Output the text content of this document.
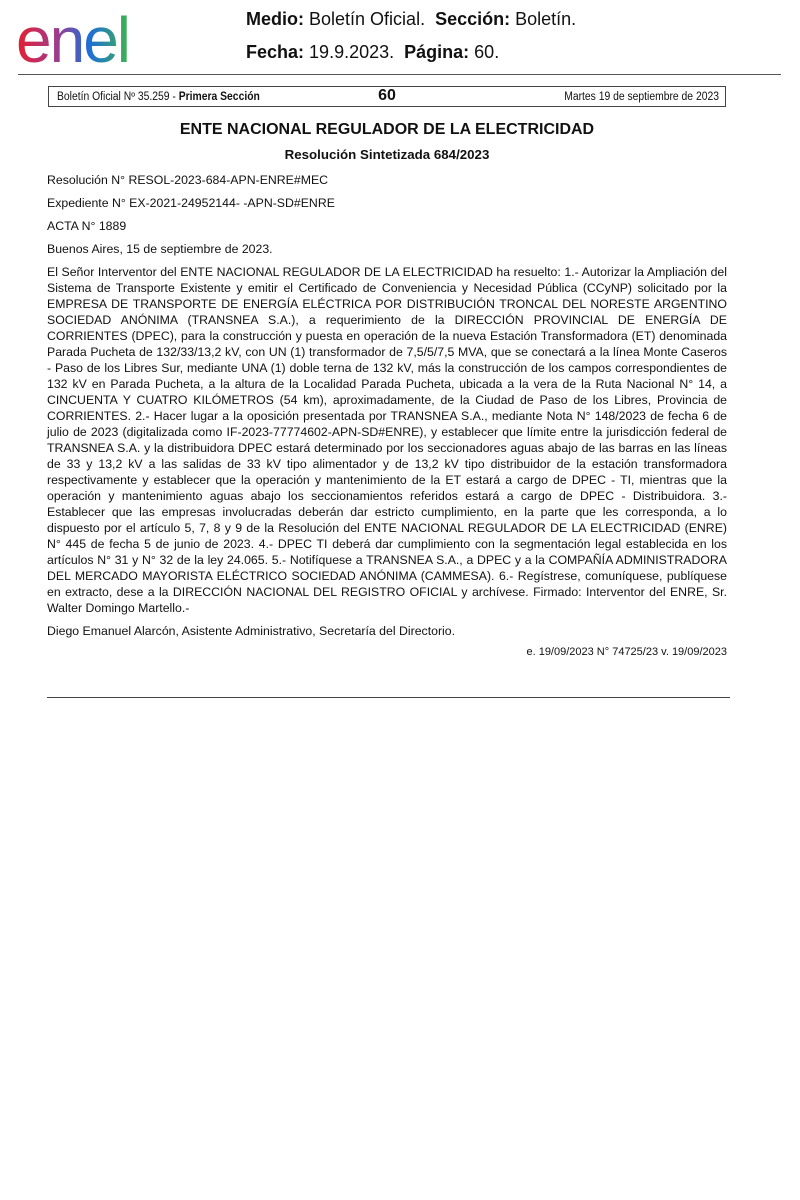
enel	Medio: Boletín Oficial. Sección: Boletín.
Fecha: 19.9.2023. Página: 60.
Boletín Oficial Nº 35.259 - Primera Sección	60	Martes 19 de septiembre de 2023
ENTE NACIONAL REGULADOR DE LA ELECTRICIDAD
Resolución Sintetizada 684/2023

Resolución N° RESOL-2023-684-APN-ENRE#MEC

Expediente N° EX-2021-24952144- -APN-SD#ENRE

ACTA N° 1889

Buenos Aires, 15 de septiembre de 2023.

El Señor Interventor del ENTE NACIONAL REGULADOR DE LA ELECTRICIDAD ha resuelto: 1.- Autorizar la Ampliación del Sistema de Transporte Existente y emitir el Certificado de Conveniencia y Necesidad Pública (CCyNP) solicitado por la EMPRESA DE TRANSPORTE DE ENERGÍA ELÉCTRICA POR DISTRIBUCIÓN TRONCAL DEL NORESTE ARGENTINO SOCIEDAD ANÓNIMA (TRANSNEA S.A.), a requerimiento de la DIRECCIÓN PROVINCIAL DE ENERGÍA DE CORRIENTES (DPEC), para la construcción y puesta en operación de la nueva Estación Transformadora (ET) denominada Parada Pucheta de 132/33/13,2 kV, con UN (1) transformador de 7,5/5/7,5 MVA, que se conectará a la línea Monte Caseros - Paso de los Libres Sur, mediante UNA (1) doble terna de 132 kV, más la construcción de los campos correspondientes de 132 kV en Parada Pucheta, a la altura de la Localidad Parada Pucheta, ubicada a la vera de la Ruta Nacional N° 14, a CINCUENTA Y CUATRO KILÓMETROS (54 km), aproximadamente, de la Ciudad de Paso de los Libres, Provincia de CORRIENTES. 2.- Hacer lugar a la oposición presentada por TRANSNEA S.A., mediante Nota N° 148/2023 de fecha 6 de julio de 2023 (digitalizada como IF-2023-77774602-APN-SD#ENRE), y establecer que límite entre la jurisdicción federal de TRANSNEA S.A. y la distribuidora DPEC estará determinado por los seccionadores aguas abajo de las barras en las líneas de 33 y 13,2 kV a las salidas de 33 kV tipo alimentador y de 13,2 kV tipo distribuidor de la estación transformadora respectivamente y establecer que la operación y mantenimiento de la ET estará a cargo de DPEC - TI, mientras que la operación y mantenimiento aguas abajo los seccionamientos referidos estará a cargo de DPEC - Distribuidora. 3.- Establecer que las empresas involucradas deberán dar estricto cumplimiento, en la parte que les corresponda, a lo dispuesto por el artículo 5, 7, 8 y 9 de la Resolución del ENTE NACIONAL REGULADOR DE LA ELECTRICIDAD (ENRE) N° 445 de fecha 5 de junio de 2023. 4.- DPEC TI deberá dar cumplimiento con la segmentación legal establecida en los artículos N° 31 y N° 32 de la ley 24.065. 5.- Notifíquese a TRANSNEA S.A., a DPEC y a la COMPAÑÍA ADMINISTRADORA DEL MERCADO MAYORISTA ELÉCTRICO SOCIEDAD ANÓNIMA (CAMMESA). 6.- Regístrese, comuníquese, publíquese en extracto, dese a la DIRECCIÓN NACIONAL DEL REGISTRO OFICIAL y archívese. Firmado: Interventor del ENRE, Sr. Walter Domingo Martello.-

Diego Emanuel Alarcón, Asistente Administrativo, Secretaría del Directorio.

e. 19/09/2023 N° 74725/23 v. 19/09/2023
